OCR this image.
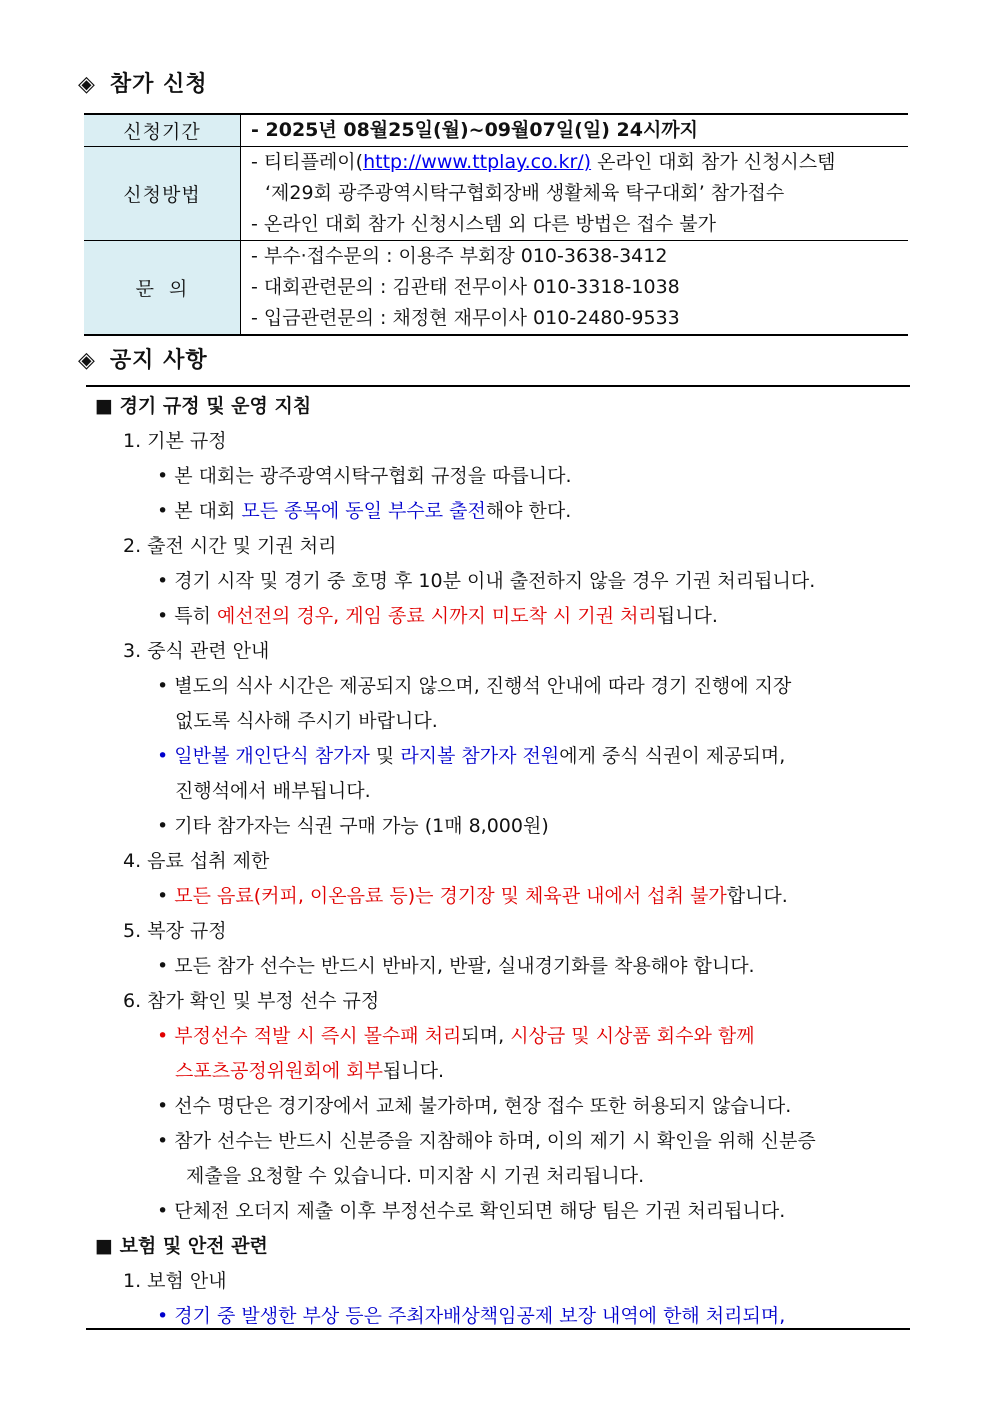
◈ 참가 신청
신청기간	- 2025년 08월25일(월)~09월07일(일) 24시까지

신청방법	- 티티플레이(http://www.ttplay.co.kr/) 온라인 대회 참가 신청시스템
‘제29회 광주광역시탁구협회장배 생활체육 탁구대회’ 참가접수
- 온라인 대회 참가 신청시스템 외 다른 방법은 접수 불가

문  의	- 부수·접수문의 : 이용주 부회장 010-3638-3412
- 대회관련문의 : 김관태 전무이사 010-3318-1038
- 입금관련문의 : 채정현 재무이사 010-2480-9533
◈ 공지 사항
■ 경기 규정 및 운영 지침
1. 기본 규정
• 본 대회는 광주광역시탁구협회 규정을 따릅니다.
• 본 대회 모든 종목에 동일 부수로 출전해야 한다.
2. 출전 시간 및 기권 처리
• 경기 시작 및 경기 중 호명 후 10분 이내 출전하지 않을 경우 기권 처리됩니다.
• 특히 예선전의 경우, 게임 종료 시까지 미도착 시 기권 처리됩니다.
3. 중식 관련 안내
• 별도의 식사 시간은 제공되지 않으며, 진행석 안내에 따라 경기 진행에 지장
없도록 식사해 주시기 바랍니다.
• 일반볼 개인단식 참가자 및 라지볼 참가자 전원에게 중식 식권이 제공되며,
진행석에서 배부됩니다.
• 기타 참가자는 식권 구매 가능 (1매 8,000원)
4. 음료 섭취 제한
• 모든 음료(커피, 이온음료 등)는 경기장 및 체육관 내에서 섭취 불가합니다.
5. 복장 규정
• 모든 참가 선수는 반드시 반바지, 반팔, 실내경기화를 착용해야 합니다.
6. 참가 확인 및 부정 선수 규정
• 부정선수 적발 시 즉시 몰수패 처리되며, 시상금 및 시상품 회수와 함께
스포츠공정위원회에 회부됩니다.
• 선수 명단은 경기장에서 교체 불가하며, 현장 접수 또한 허용되지 않습니다.
• 참가 선수는 반드시 신분증을 지참해야 하며, 이의 제기 시 확인을 위해 신분증
제출을 요청할 수 있습니다. 미지참 시 기권 처리됩니다.
• 단체전 오더지 제출 이후 부정선수로 확인되면 해당 팀은 기권 처리됩니다.
■ 보험 및 안전 관련
1. 보험 안내
• 경기 중 발생한 부상 등은 주최자배상책임공제 보장 내역에 한해 처리되며,
